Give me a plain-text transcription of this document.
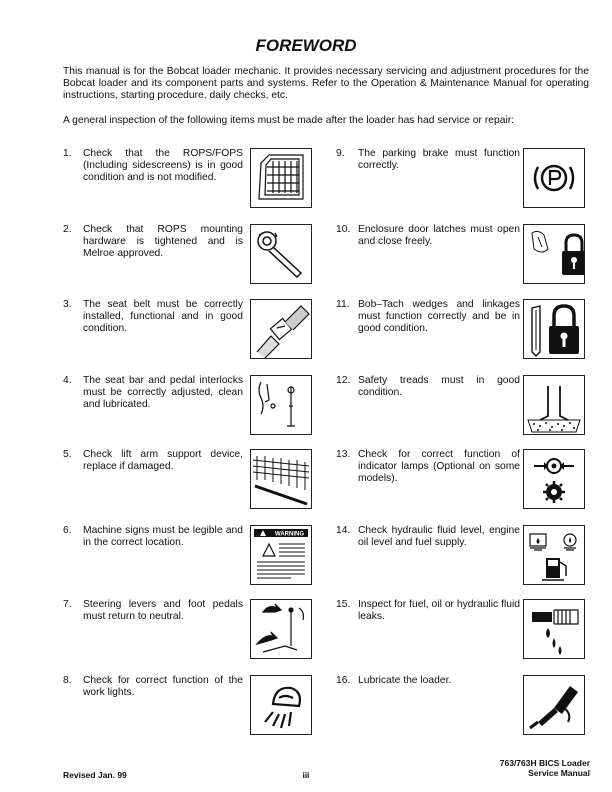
FOREWORD
This manual is for the Bobcat loader mechanic. It provides necessary servicing and adjustment procedures for the Bobcat loader and its component parts and systems. Refer to the Operation & Maintenance Manual for operating instructions, starting procedure, daily checks, etc.
A general inspection of the following items must be made after the loader has had service or repair:
1.	Check that the ROPS/FOPS (Including sidescreens) is in good condition and is not modified.
2.	Check that ROPS mounting hardware is tightened and is Melroe approved.
3.	The seat belt must be correctly installed, functional and in good condition.
4.	The seat bar and pedal interlocks must be correctly adjusted, clean and lubricated.
5.	Check lift arm support device, replace if damaged.
6.	Machine signs must be legible and in the correct location.
7.	Steering levers and foot pedals must return to neutral.
8.	Check for correct function of the work lights.
9.	The parking brake must function correctly.
10. Enclosure door latches must open and close freely.
11. Bob–Tach wedges and linkages must function correctly and be in good condition.
12. Safety treads must in good condition.
13. Check for correct function of indicator lamps (Optional on some models).
14. Check hydraulic fluid level, engine oil level and fuel supply.
15. Inspect for fuel, oil or hydraulic fluid leaks.
16. Lubricate the loader.
WARNING
Revised Jan. 99	iii
763/763H BICS Loader
Service Manual
